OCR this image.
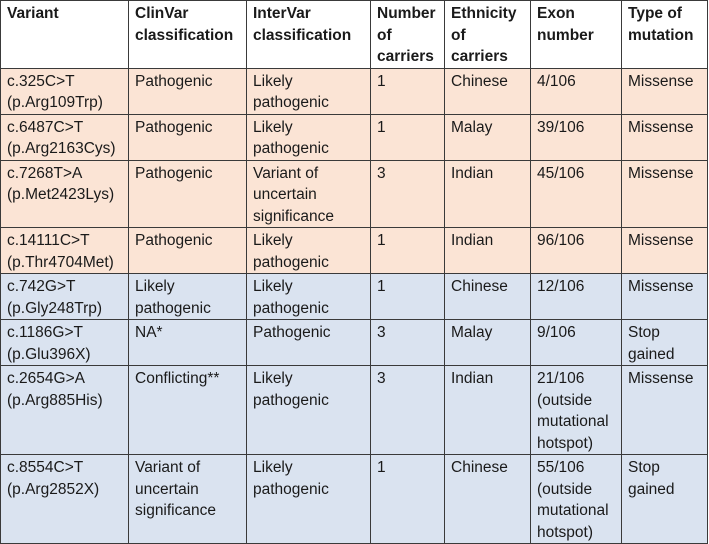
Variant	ClinVar
classification	InterVar
classification	Number
of
carriers	Ethnicity
of
carriers	Exon
number	Type of
mutation

c.325C>T
(p.Arg109Trp)	Pathogenic	Likely
pathogenic	1	Chinese	4/106	Missense

c.6487C>T
(p.Arg2163Cys)	Pathogenic	Likely
pathogenic	1	Malay	39/106	Missense

c.7268T>A
(p.Met2423Lys)	Pathogenic	Variant of
uncertain
significance	3	Indian	45/106	Missense

c.14111C>T
(p.Thr4704Met)	Pathogenic	Likely
pathogenic	1	Indian	96/106	Missense

c.742G>T
(p.Gly248Trp)	Likely
pathogenic	Likely
pathogenic	1	Chinese	12/106	Missense

c.1186G>T
(p.Glu396X)	NA*	Pathogenic	3	Malay	9/106	Stop
gained

c.2654G>A
(p.Arg885His)	Conflicting**	Likely
pathogenic	3	Indian	21/106
(outside
mutational
hotspot)	Missense

c.8554C>T
(p.Arg2852X)	Variant of
uncertain
significance	Likely
pathogenic	1	Chinese	55/106
(outside
mutational
hotspot)	Stop
gained
